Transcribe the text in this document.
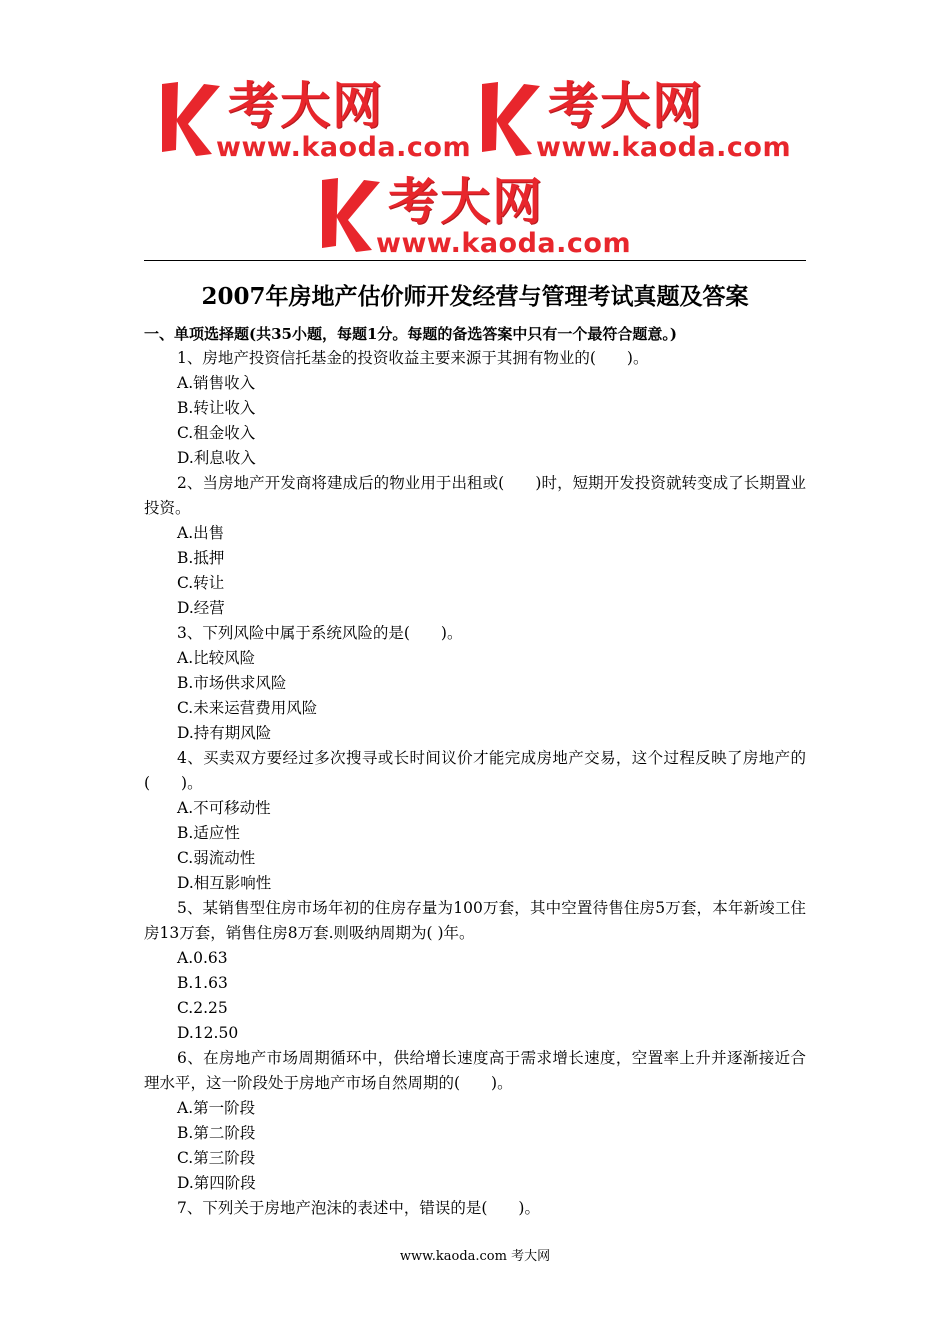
考大网
www.kaoda.com
考大网
www.kaoda.com
考大网
www.kaoda.com
2007年房地产估价师开发经营与管理考试真题及答案
一、单项选择题(共35小题，每题1分。每题的备选答案中只有一个最符合题意。)

1、房地产投资信托基金的投资收益主要来源于其拥有物业的(　　)。

A.销售收入

B.转让收入

C.租金收入

D.利息收入

2、当房地产开发商将建成后的物业用于出租或(　　)时，短期开发投资就转变成了长期置业投资。

A.出售

B.抵押

C.转让

D.经营

3、下列风险中属于系统风险的是(　　)。

A.比较风险

B.市场供求风险

C.未来运营费用风险

D.持有期风险

4、买卖双方要经过多次搜寻或长时间议价才能完成房地产交易，这个过程反映了房地产的(　　)。

A.不可移动性

B.适应性

C.弱流动性

D.相互影响性

5、某销售型住房市场年初的住房存量为100万套，其中空置待售住房5万套，本年新竣工住房13万套，销售住房8万套.则吸纳周期为( )年。

A.0.63

B.1.63

C.2.25

D.12.50

6、在房地产市场周期循环中，供给增长速度高于需求增长速度，空置率上升并逐渐接近合理水平，这一阶段处于房地产市场自然周期的(　　)。

A.第一阶段

B.第二阶段

C.第三阶段

D.第四阶段

7、下列关于房地产泡沫的表述中，错误的是(　　)。

www.kaoda.com 考大网
